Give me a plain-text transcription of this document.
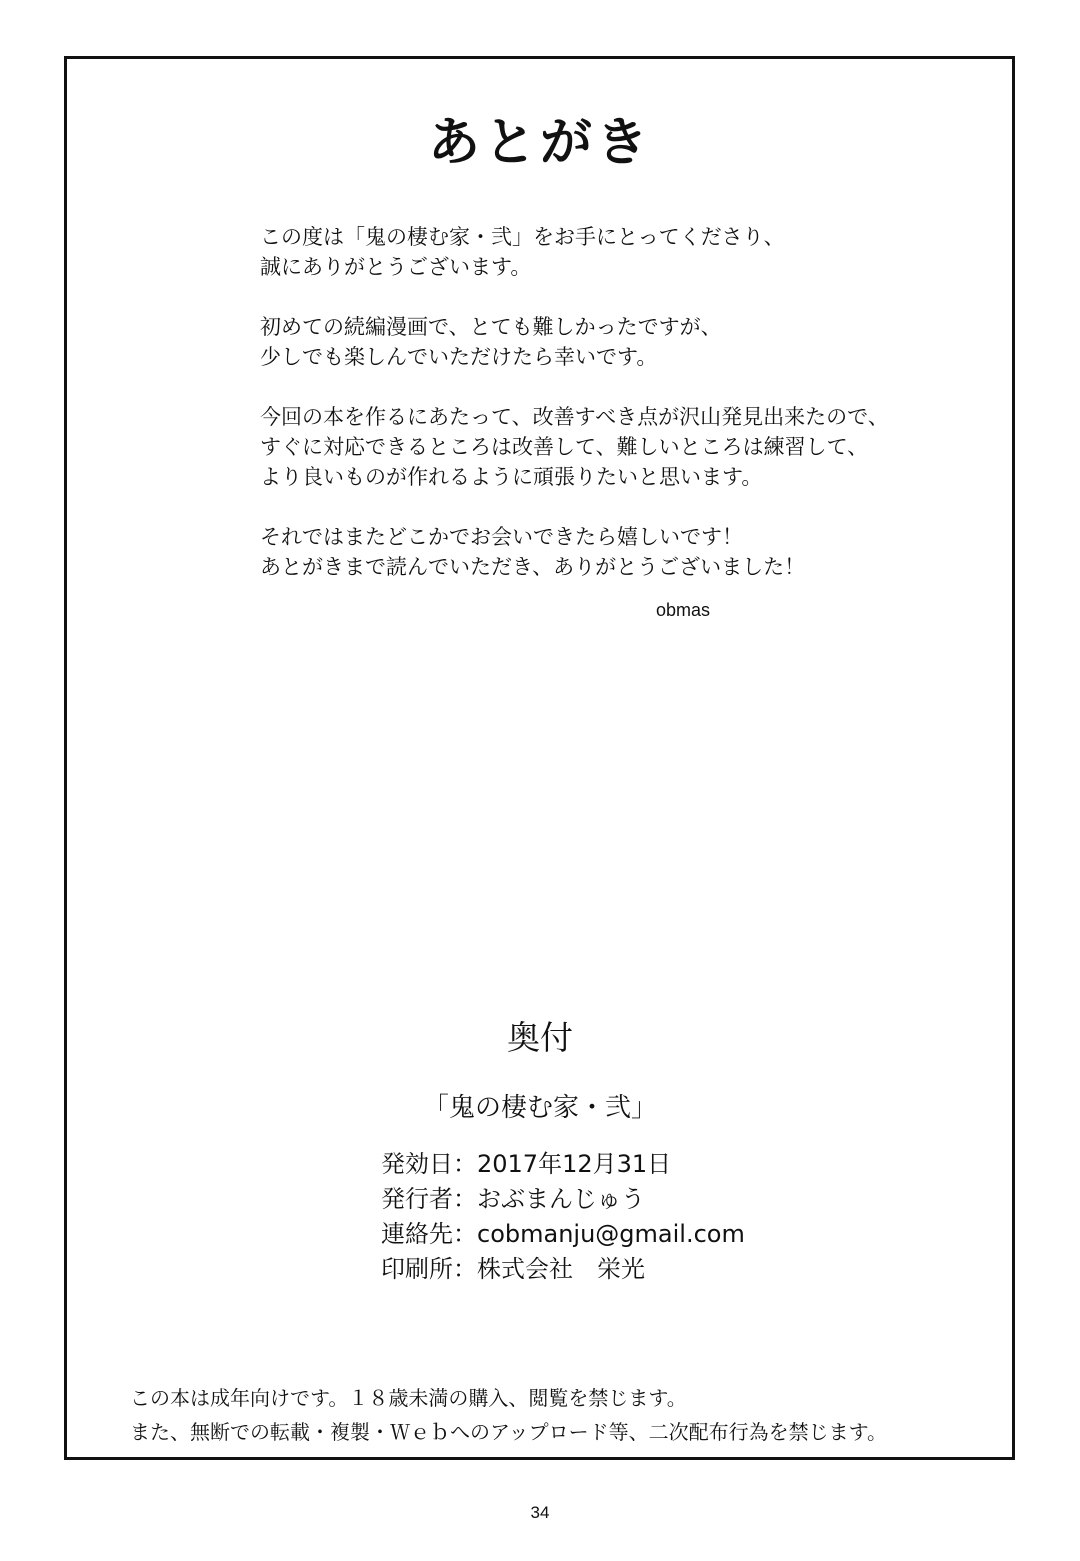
あとがき
この度は「鬼の棲む家・弐」をお手にとってくださり、
誠にありがとうございます。
初めての続編漫画で、とても難しかったですが、
少しでも楽しんでいただけたら幸いです。
今回の本を作るにあたって、改善すべき点が沢山発見出来たので、
すぐに対応できるところは改善して、難しいところは練習して、
より良いものが作れるように頑張りたいと思います。
それではまたどこかでお会いできたら嬉しいです！
あとがきまで読んでいただき、ありがとうございました！
obmas
奥付
「鬼の棲む家・弐」
発効日：2017年12月31日
発行者：おぶまんじゅう
連絡先：cobmanju@gmail.com
印刷所：株式会社　栄光
この本は成年向けです。１８歳未満の購入、閲覧を禁じます。
また、無断での転載・複製・Ｗｅｂへのアップロード等、二次配布行為を禁じます。
34
